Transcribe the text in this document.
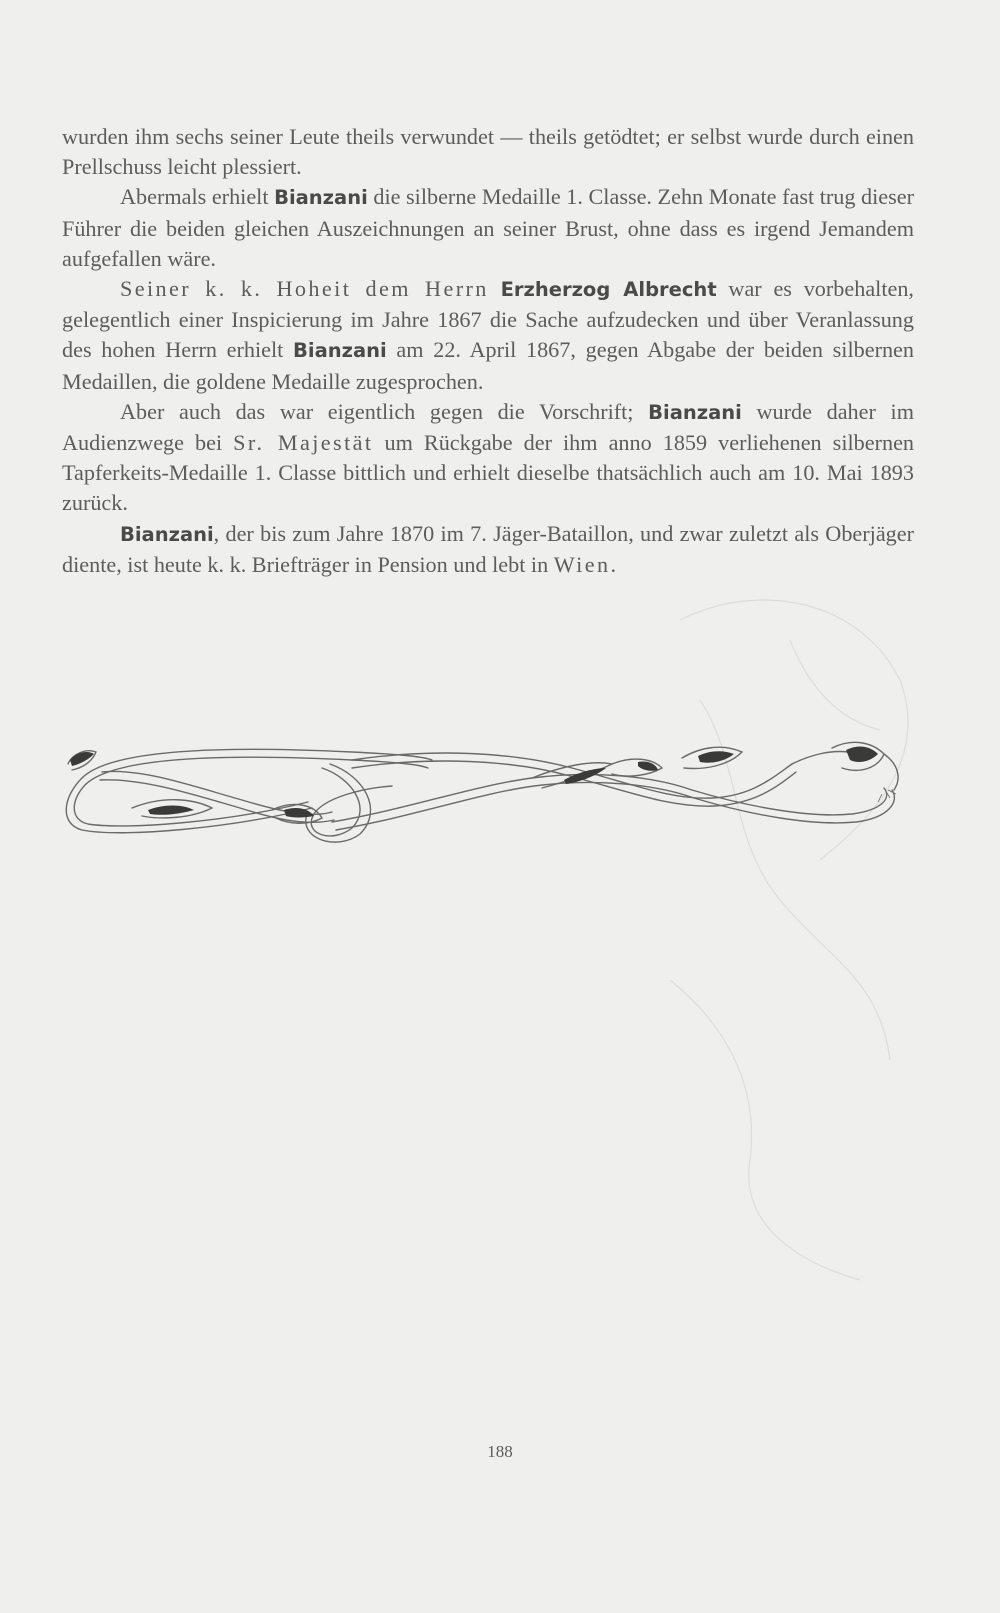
wurden ihm sechs seiner Leute theils verwundet — theils getödtet; er selbst wurde durch einen Prellschuss leicht plessiert.

Abermals erhielt Bianzani die silberne Medaille 1. Classe. Zehn Monate fast trug dieser Führer die beiden gleichen Auszeichnungen an seiner Brust, ohne dass es irgend Jemandem aufgefallen wäre.

Seiner k. k. Hoheit dem Herrn Erzherzog Albrecht war es vorbehalten, gelegentlich einer Inspicierung im Jahre 1867 die Sache aufzudecken und über Veranlassung des hohen Herrn erhielt Bianzani am 22. April 1867, gegen Abgabe der beiden silbernen Medaillen, die goldene Medaille zugesprochen.

Aber auch das war eigentlich gegen die Vorschrift; Bianzani wurde daher im Audienzwege bei Sr. Majestät um Rückgabe der ihm anno 1859 verliehenen silbernen Tapferkeits-Medaille 1. Classe bittlich und erhielt dieselbe thatsächlich auch am 10. Mai 1893 zurück.

Bianzani, der bis zum Jahre 1870 im 7. Jäger-Bataillon, und zwar zuletzt als Oberjäger diente, ist heute k. k. Briefträger in Pension und lebt in Wien.

188
